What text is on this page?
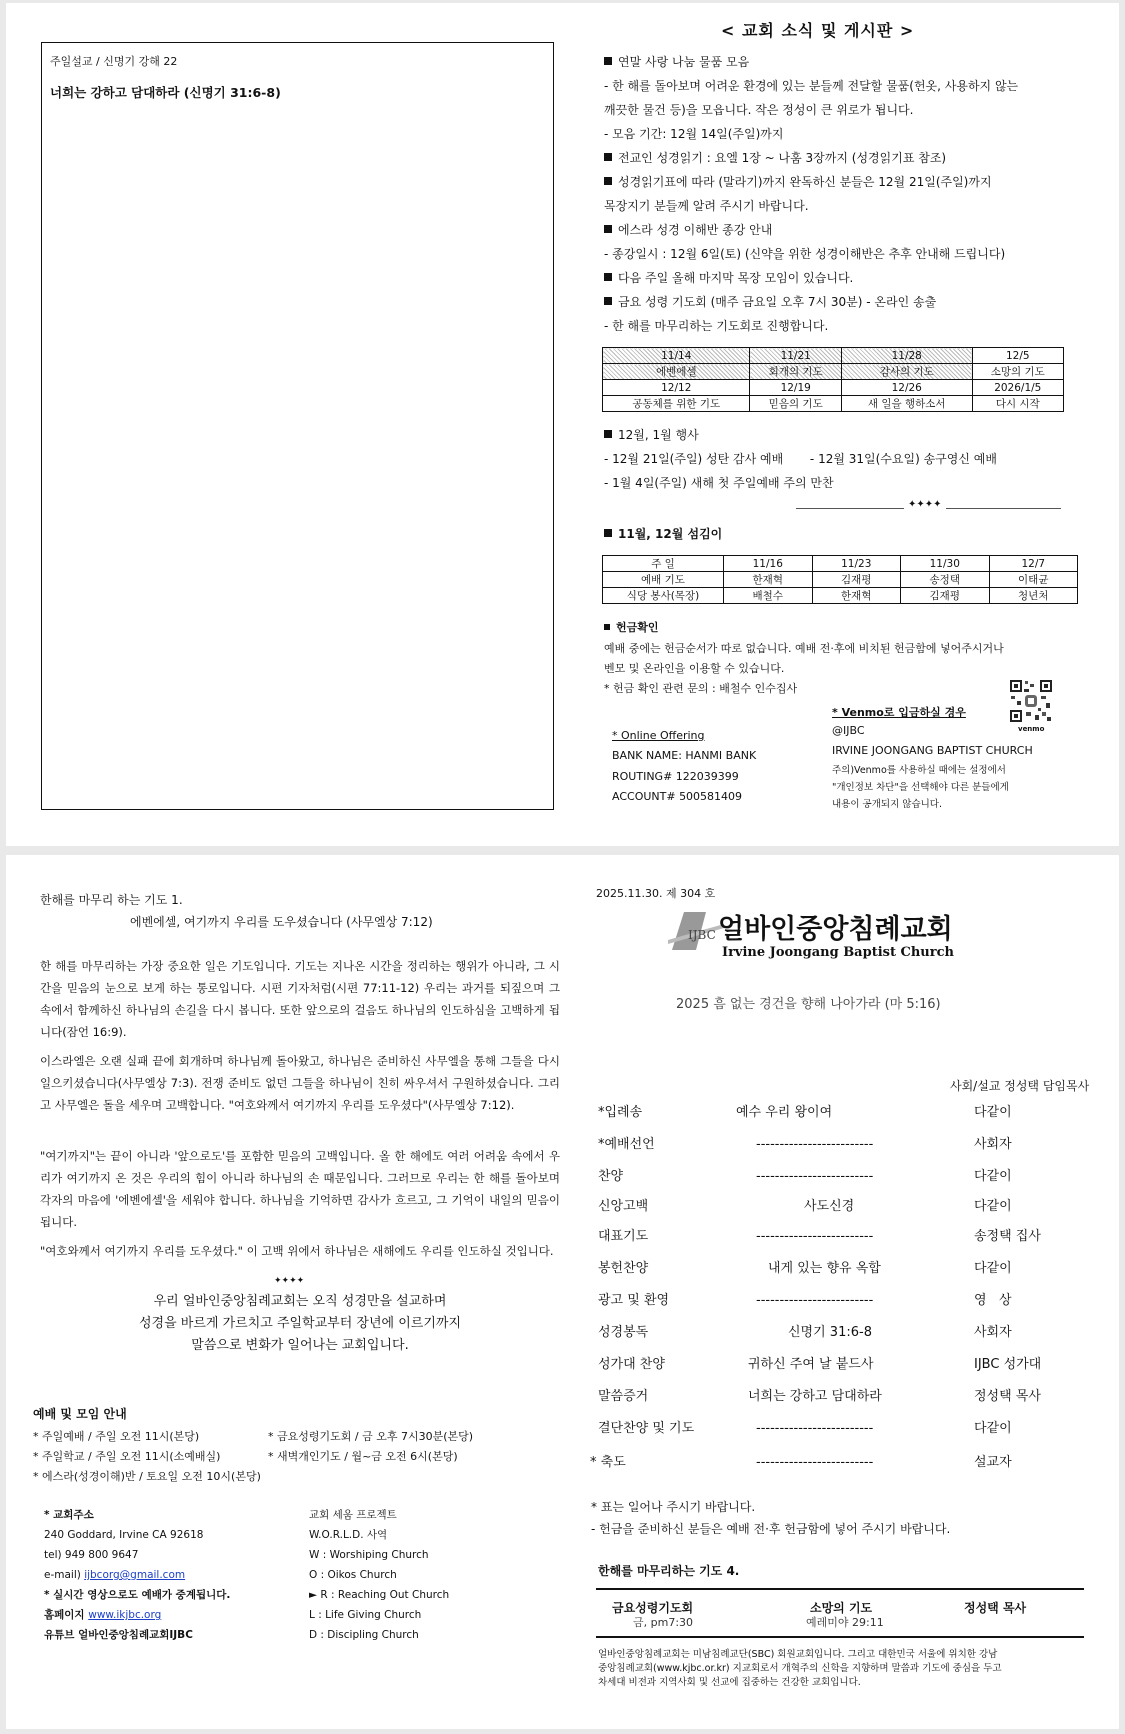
주일설교 / 신명기 강해 22
너희는 강하고 담대하라 (신명기 31:6-8)
< 교회 소식 및 게시판 >
연말 사랑 나눔 물품 모음
- 한 해를 돌아보며 어려운 환경에 있는 분들께 전달할 물품(헌옷, 사용하지 않는
깨끗한 물건 등)을 모읍니다. 작은 정성이 큰 위로가 됩니다.
- 모음 기간: 12월 14일(주일)까지
전교인 성경읽기 : 요엘 1장 ~ 나훔 3장까지 (성경읽기표 참조)
성경읽기표에 따라 (말라기)까지 완독하신 분들은 12월 21일(주일)까지
목장지기 분들께 알려 주시기 바랍니다.
에스라 성경 이해반 종강 안내
- 종강일시 : 12월 6일(토) (신약을 위한 성경이해반은 추후 안내해 드립니다)
다음 주일 올해 마지막 목장 모임이 있습니다.
금요 성령 기도회 (매주 금요일 오후 7시 30분) - 온라인 송출
- 한 해를 마무리하는 기도회로 진행합니다.
11/14	11/21	11/28	12/5
에벤에셀	회개의 기도	감사의 기도	소망의 기도
12/12	12/19	12/26	2026/1/5
공동체를 위한 기도	믿음의 기도	새 일을 행하소서	다시 시작
12월, 1월 행사
- 12월 21일(주일) 성탄 감사 예배       - 12월 31일(수요일) 송구영신 예배
- 1월 4일(주일) 새해 첫 주일예배 주의 만찬
✦✦✦✦
11월, 12월 섬김이
주 일	11/16	11/23	11/30	12/7
예배 기도	한재혁	김재평	송정택	이태균
식당 봉사(목장)	배철수	한재혁	김재평	청년처
헌금확인
예배 중에는 헌금순서가 따로 없습니다. 예배 전·후에 비치된 헌금함에 넣어주시거나
벤모 및 온라인을 이용할 수 있습니다.
* 헌금 확인 관련 문의 : 배철수 인수집사
* Online Offering
BANK NAME: HANMI BANK
ROUTING# 122039399
ACCOUNT# 500581409
* Venmo로 입금하실 경우
@IJBC
IRVINE JOONGANG BAPTIST CHURCH
주의)Venmo를 사용하실 때에는 설정에서
"개인정보 차단"을 선택해야 다른 분들에게
내용이 공개되지 않습니다.
venmo
한해를 마무리 하는 기도 1.
에벤에셀, 여기까지 우리를 도우셨습니다 (사무엘상 7:12)
한 해를 마무리하는 가장 중요한 일은 기도입니다. 기도는 지나온 시간을 정리하는 행위가 아니라, 그 시간을 믿음의 눈으로 보게 하는 통로입니다. 시편 기자처럼(시편 77:11-12) 우리는 과거를 되짚으며 그 속에서 함께하신 하나님의 손길을 다시 봅니다. 또한 앞으로의 걸음도 하나님의 인도하심을 고백하게 됩니다(잠언 16:9).
이스라엘은 오랜 실패 끝에 회개하며 하나님께 돌아왔고, 하나님은 준비하신 사무엘을 통해 그들을 다시 일으키셨습니다(사무엘상 7:3). 전쟁 준비도 없던 그들을 하나님이 친히 싸우셔서 구원하셨습니다. 그리고 사무엘은 돌을 세우며 고백합니다. "여호와께서 여기까지 우리를 도우셨다"(사무엘상 7:12).
"여기까지"는 끝이 아니라 '앞으로도'를 포함한 믿음의 고백입니다. 올 한 해에도 여러 어려움 속에서 우리가 여기까지 온 것은 우리의 힘이 아니라 하나님의 손 때문입니다. 그러므로 우리는 한 해를 돌아보며 각자의 마음에 '에벤에셀'을 세워야 합니다. 하나님을 기억하면 감사가 흐르고, 그 기억이 내일의 믿음이 됩니다.
"여호와께서 여기까지 우리를 도우셨다." 이 고백 위에서 하나님은 새해에도 우리를 인도하실 것입니다.
✦✦✦✦
우리 얼바인중앙침례교회는 오직 성경만을 설교하며
성경을 바르게 가르치고 주일학교부터 장년에 이르기까지
말씀으로 변화가 일어나는 교회입니다.
예배 및 모임 안내
* 주일예배 / 주일 오전 11시(본당)	* 금요성령기도회 / 금 오후 7시30분(본당)
* 주일학교 / 주일 오전 11시(소예배실)	* 새벽개인기도 / 월~금 오전 6시(본당)
* 에스라(성경이해)반 / 토요일 오전 10시(본당)
* 교회주소
240 Goddard, Irvine CA 92618
tel) 949 800 9647
e-mail) ijbcorg@gmail.com
* 실시간 영상으로도 예배가 중계됩니다.
홈페이지 www.ikjbc.org
유튜브 얼바인중앙침례교회IJBC
교회 세움 프로젝트
W.O.R.L.D. 사역
W : Worshiping Church
O : Oikos Church
► R : Reaching Out Church
L : Life Giving Church
D : Discipling Church
2025.11.30. 제 304 호
IJBC 얼바인중앙침례교회
Irvine Joongang Baptist Church
2025 흠 없는 경건을 향해 나아가라 (마 5:16)
사회/설교 정성택 담임목사
*입례송	예수 우리 왕이여	다같이
*예배선언	-------------------------	사회자
찬양	-------------------------	다같이
신앙고백	사도신경	다같이
대표기도	-------------------------	송정택 집사
봉헌찬양	내게 있는 향유 옥합	다같이
광고 및 환영	-------------------------	영   상
성경봉독	신명기 31:6-8	사회자
성가대 찬양	귀하신 주여 날 붙드사	IJBC 성가대
말씀증거	너희는 강하고 담대하라	정성택 목사
결단찬양 및 기도	-------------------------	다같이
* 축도	-------------------------	설교자
* 표는 일어나 주시기 바랍니다.
- 헌금을 준비하신 분들은 예배 전·후 헌금함에 넣어 주시기 바랍니다.
한해를 마무리하는 기도 4.
금요성령기도회
금, pm7:30
소망의 기도
예레미야 29:11
정성택 목사
얼바인중앙침례교회는 미남침례교단(SBC) 회원교회입니다. 그리고 대한민국 서울에 위치한 강남
중앙침례교회(www.kjbc.or.kr) 지교회로서 개혁주의 신학을 지향하며 말씀과 기도에 중심을 두고
차세대 비전과 지역사회 및 선교에 집중하는 건강한 교회입니다.
